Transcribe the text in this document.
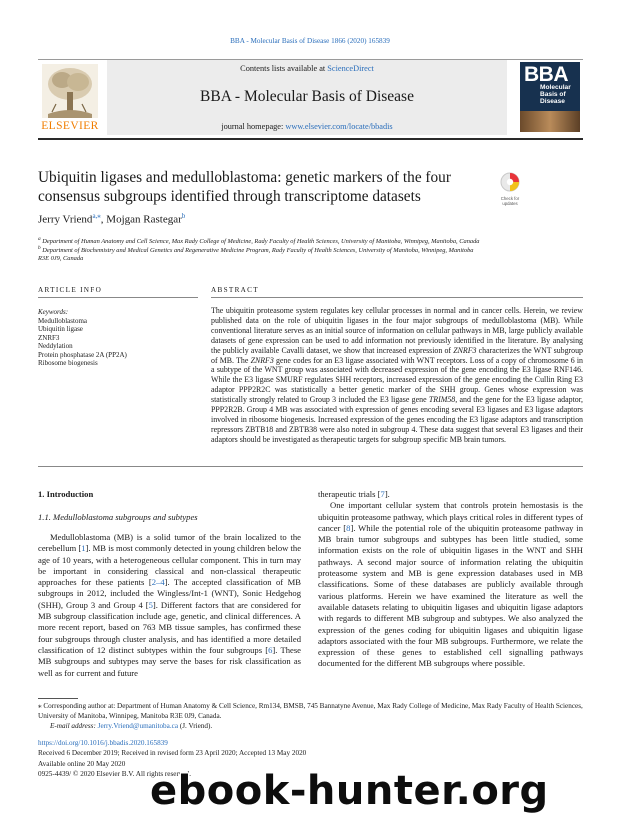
BBA - Molecular Basis of Disease 1866 (2020) 165839
ELSEVIER
Contents lists available at ScienceDirect
BBA - Molecular Basis of Disease
journal homepage: www.elsevier.com/locate/bbadis
BBA
Molecular
Basis of
Disease
Ubiquitin ligases and medulloblastoma: genetic markers of the four consensus subgroups identified through transcriptome datasets	Check for
updates
Jerry Vriend$^{a,⁎}$, Mojgan Rastegar$^b$
$^a$ Department of Human Anatomy and Cell Science, Max Rady College of Medicine, Rady Faculty of Health Sciences, University of Manitoba, Winnipeg, Manitoba, Canada
$^b$ Department of Biochemistry and Medical Genetics and Regenerative Medicine Program, Rady Faculty of Health Sciences, University of Manitoba, Winnipeg, Manitoba
R3E 0J9, Canada
ARTICLE INFO
Keywords:
Medulloblastoma
Ubiquitin ligase
ZNRF3
Neddylation
Protein phosphatase 2A (PP2A)
Ribosome biogenesis
ABSTRACT
The ubiquitin proteasome system regulates key cellular processes in normal and in cancer cells. Herein, we review published data on the role of ubiquitin ligases in the four major subgroups of medulloblastoma (MB). While conventional literature serves as an initial source of information on cellular pathways in MB, large publicly available datasets of gene expression can be used to add information not previously identified in the literature. By analysing the publicly available Cavalli dataset, we show that increased expression of ZNRF3 characterizes the WNT subgroup of MB. The ZNRF3 gene codes for an E3 ligase associated with WNT receptors. Loss of a copy of chromosome 6 in a subtype of the WNT group was associated with decreased expression of the gene encoding the E3 ligase RNF146. While the E3 ligase SMURF regulates SHH receptors, increased expression of the gene encoding the Cullin Ring E3 adaptor PPP2R2C was statistically a better genetic marker of the SHH group. Genes whose expression was statistically strongly related to Group 3 included the E3 ligase gene TRIM58, and the gene for the E3 ligase adaptor, PPP2R2B. Group 4 MB was associated with expression of genes encoding several E3 ligases and E3 ligase adaptors involved in ribosome biogenesis. Increased expression of the genes encoding the E3 ligase adaptors and transcription repressors ZBTB18 and ZBTB38 were also noted in subgroup 4. These data suggest that several E3 ligases and their adaptors should be investigated as therapeutic targets for subgroup specific MB brain tumors.
1. Introduction
1.1. Medulloblastoma subgroups and subtypes

Medulloblastoma (MB) is a solid tumor of the brain localized to the cerebellum [1]. MB is most commonly detected in young children below the age of 10 years, with a heterogeneous cellular component. This in turn may be important in considering classical and non-classical therapeutic approaches for these patients [2–4]. The accepted classification of MB subgroups in 2012, included the Wingless/Int-1 (WNT), Sonic Hedgehog (SHH), Group 3 and Group 4 [5]. Different factors that are considered for MB subgroup classification include age, genetic, and clinical differences. A more recent report, based on 763 MB tissue samples, has confirmed these four subgroups through cluster analysis, and has identified a more detailed classification of 12 distinct subtypes within the four subgroups [6]. These MB subgroups and subtypes may serve the bases for risk classification as well as for current and future

therapeutic trials [7].

One important cellular system that controls protein hemostasis is the ubiquitin proteasome pathway, which plays critical roles in different types of cancer [8]. While the potential role of the ubiquitin proteasome pathway in MB brain tumor subgroups and subtypes has been little studied, some information exists on the role of ubiquitin ligases in the WNT and SHH pathways. A second major source of information relating the ubiquitin proteasome system and MB is gene expression databases used in MB classifications. Some of these databases are publicly available through various platforms. Herein we have examined the literature as well the available datasets relating to ubiquitin ligases and ubiquitin ligase adaptors with regards to different MB subgroup and subtypes. We also analyzed the expression of the genes coding for ubiquitin ligases and ubiquitin ligase adaptors associated with the four MB subgroups. Furthermore, we relate the expression of these genes to established cell signalling pathways documented for the different MB subgroups where possible.

⁎ Corresponding author at: Department of Human Anatomy & Cell Science, Rm134, BMSB, 745 Bannatyne Avenue, Max Rady College of Medicine, Max Rady Faculty of Health Sciences, University of Manitoba, Winnipeg, Manitoba R3E 0J9, Canada.
E-mail address: Jerry.Vriend@umanitoba.ca (J. Vriend).
https://doi.org/10.1016/j.bbadis.2020.165839
Received 6 December 2019; Received in revised form 23 April 2020; Accepted 13 May 2020
Available online 20 May 2020
0925-4439/ © 2020 Elsevier B.V. All rights reserved.
ebook-hunter.org
